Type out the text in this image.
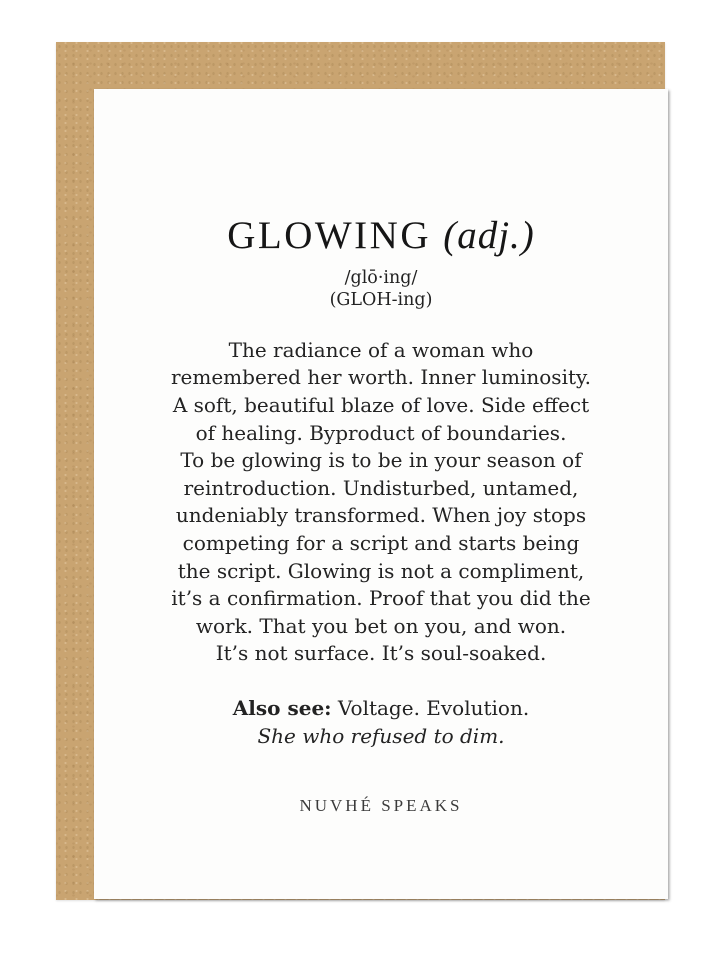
GLOWING (adj.)
/glō·ing/
(GLOH-ing)
The radiance of a woman who
remembered her worth. Inner luminosity.
A soft, beautiful blaze of love. Side effect
of healing. Byproduct of boundaries.
To be glowing is to be in your season of
reintroduction. Undisturbed, untamed,
undeniably transformed. When joy stops
competing for a script and starts being
the script. Glowing is not a compliment,
it’s a confirmation. Proof that you did the
work. That you bet on you, and won.
It’s not surface. It’s soul-soaked.
Also see: Voltage. Evolution.
She who refused to dim.
NUVHÉ SPEAKS
